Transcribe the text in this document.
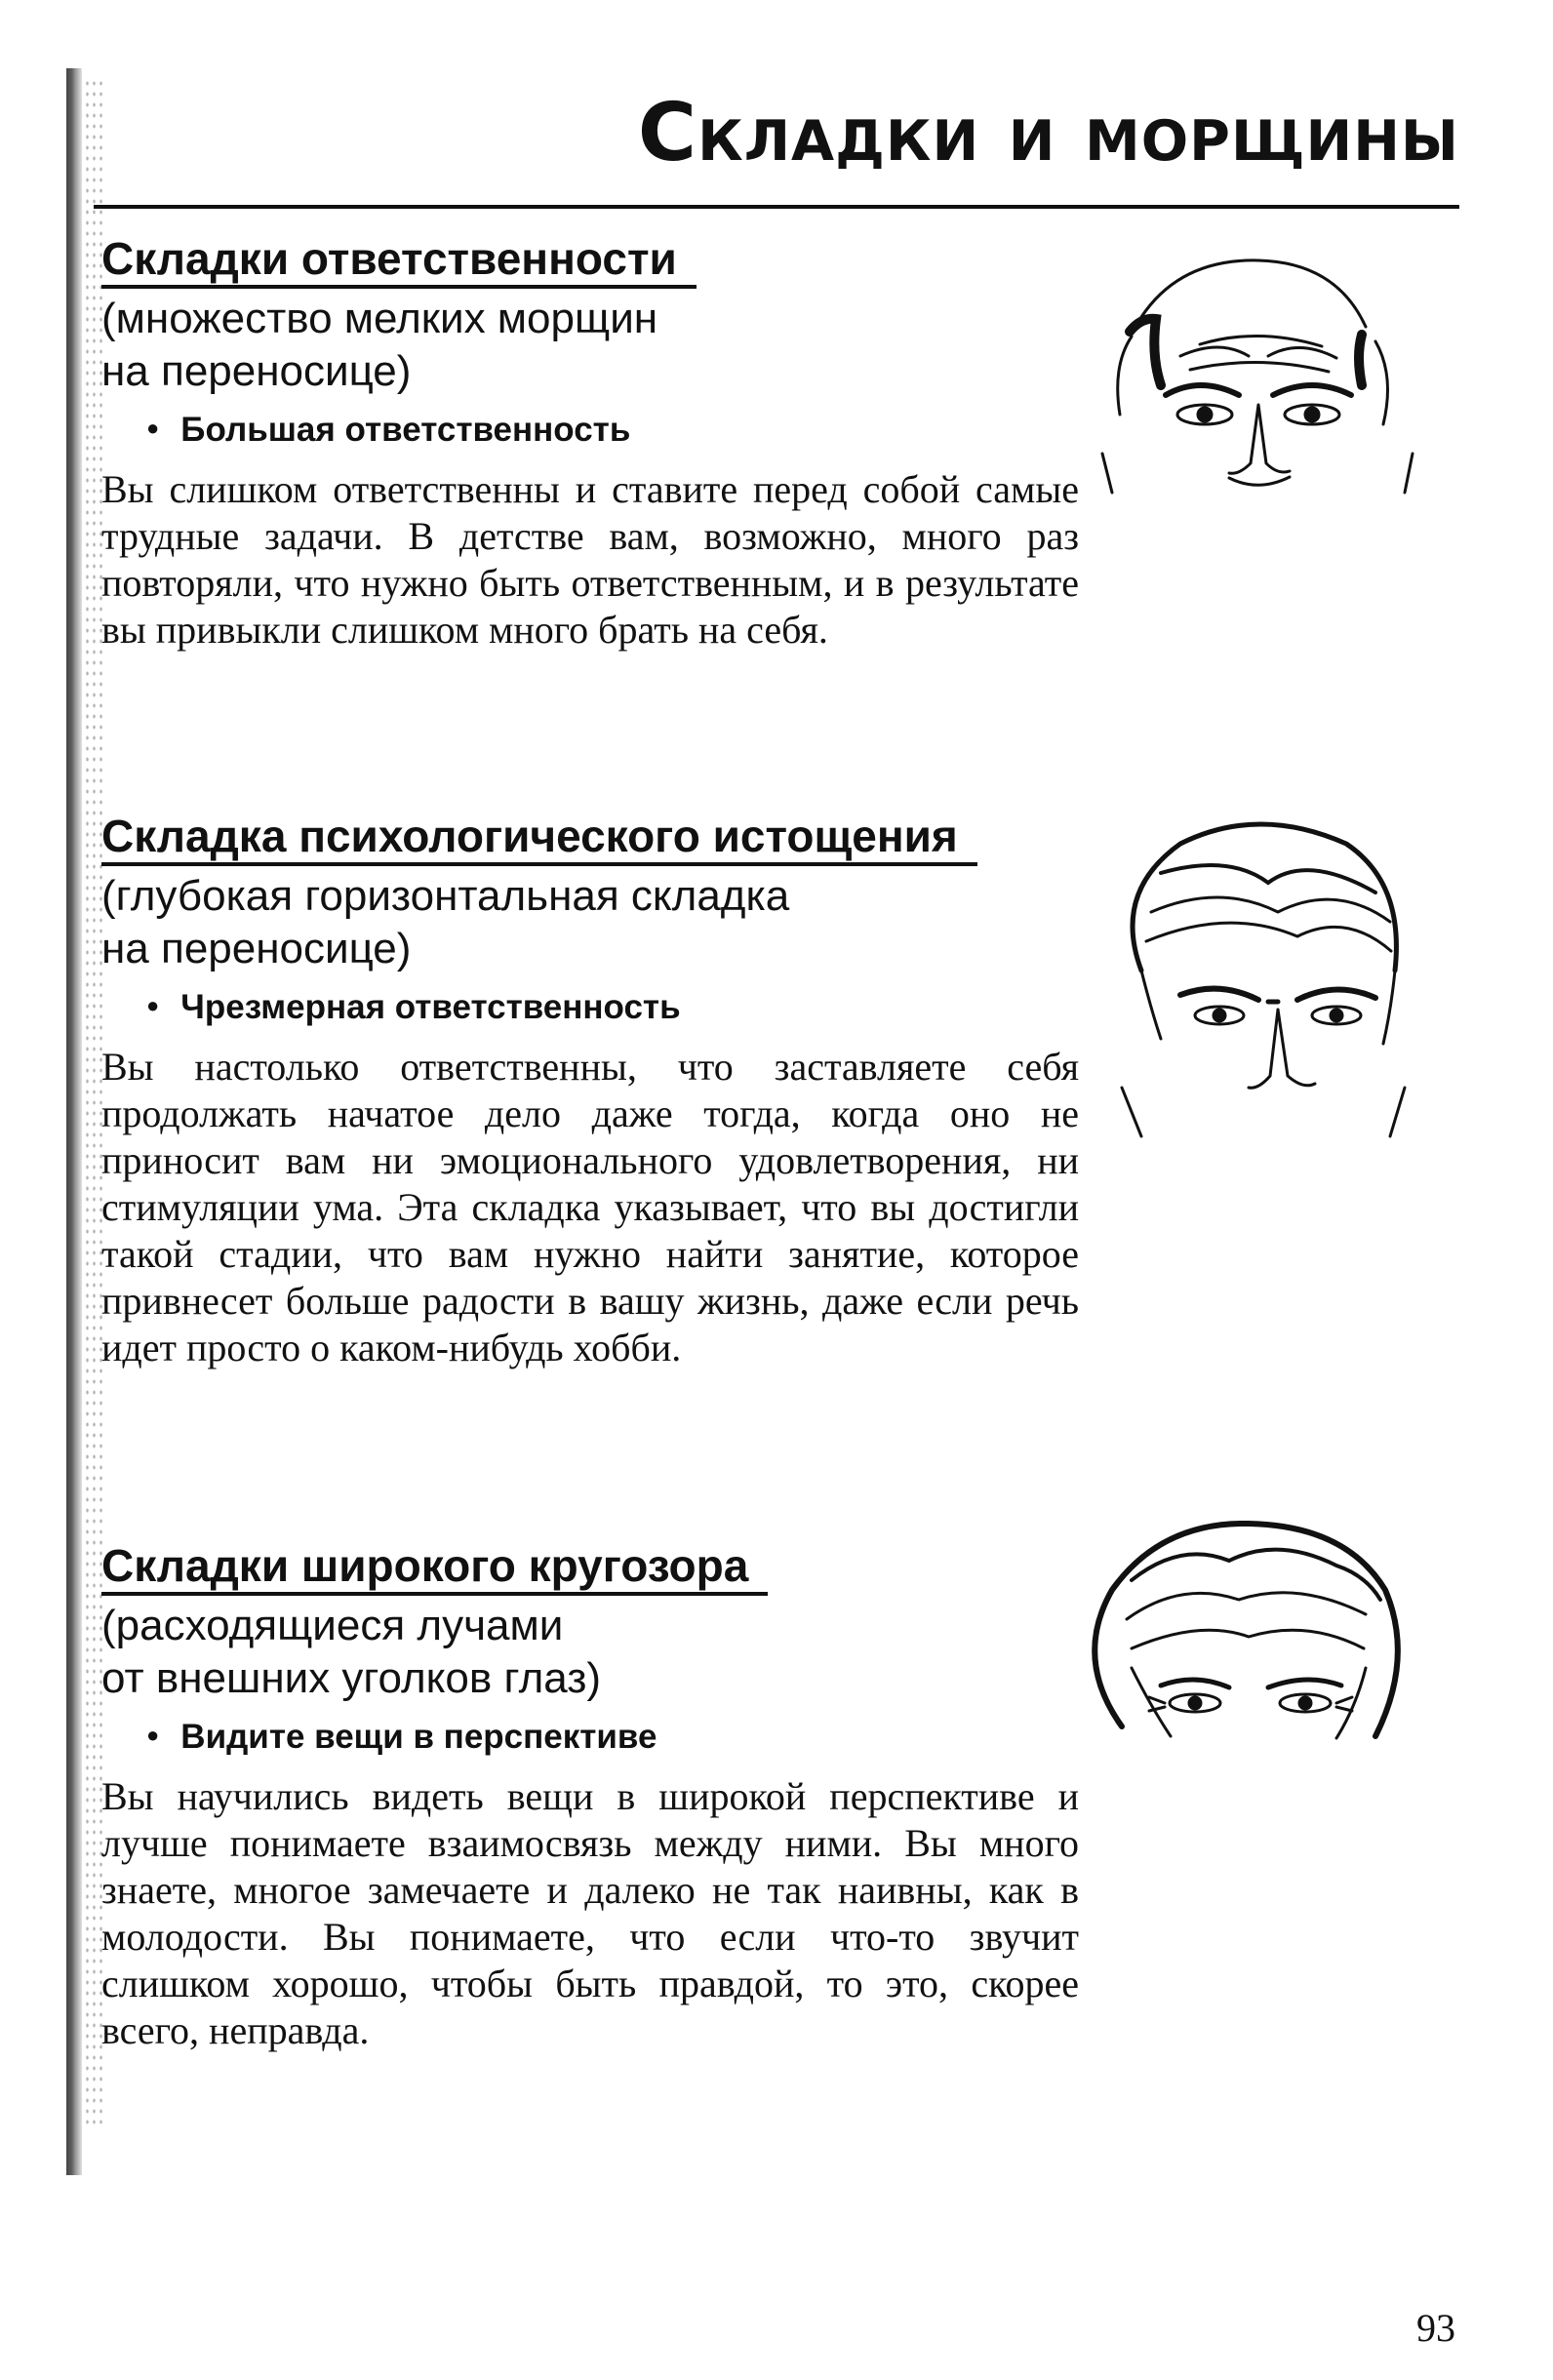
Складки и морщины
Складки ответственности

(множество мелких морщин
на переносице)

● Большая ответственность

Вы слишком ответственны и ставите перед собой самые трудные задачи. В детстве вам, возможно, много раз повторяли, что нужно быть ответственным, и в результате вы привыкли слишком много брать на себя.

Складка психологического истощения

(глубокая горизонтальная складка
на переносице)

● Чрезмерная ответственность

Вы настолько ответственны, что заставляете себя продолжать начатое дело даже тогда, когда оно не приносит вам ни эмоционального удовлетворения, ни стимуляции ума. Эта складка указывает, что вы достигли такой стадии, что вам нужно найти занятие, которое привнесет больше радости в вашу жизнь, даже если речь идет просто о каком-нибудь хобби.

Складки широкого кругозора

(расходящиеся лучами
от внешних уголков глаз)

● Видите вещи в перспективе

Вы научились видеть вещи в широкой перспективе и лучше понимаете взаимосвязь между ними. Вы много знаете, многое замечаете и далеко не так наивны, как в молодости. Вы понимаете, что если что-то звучит слишком хорошо, чтобы быть правдой, то это, скорее всего, неправда.

93
